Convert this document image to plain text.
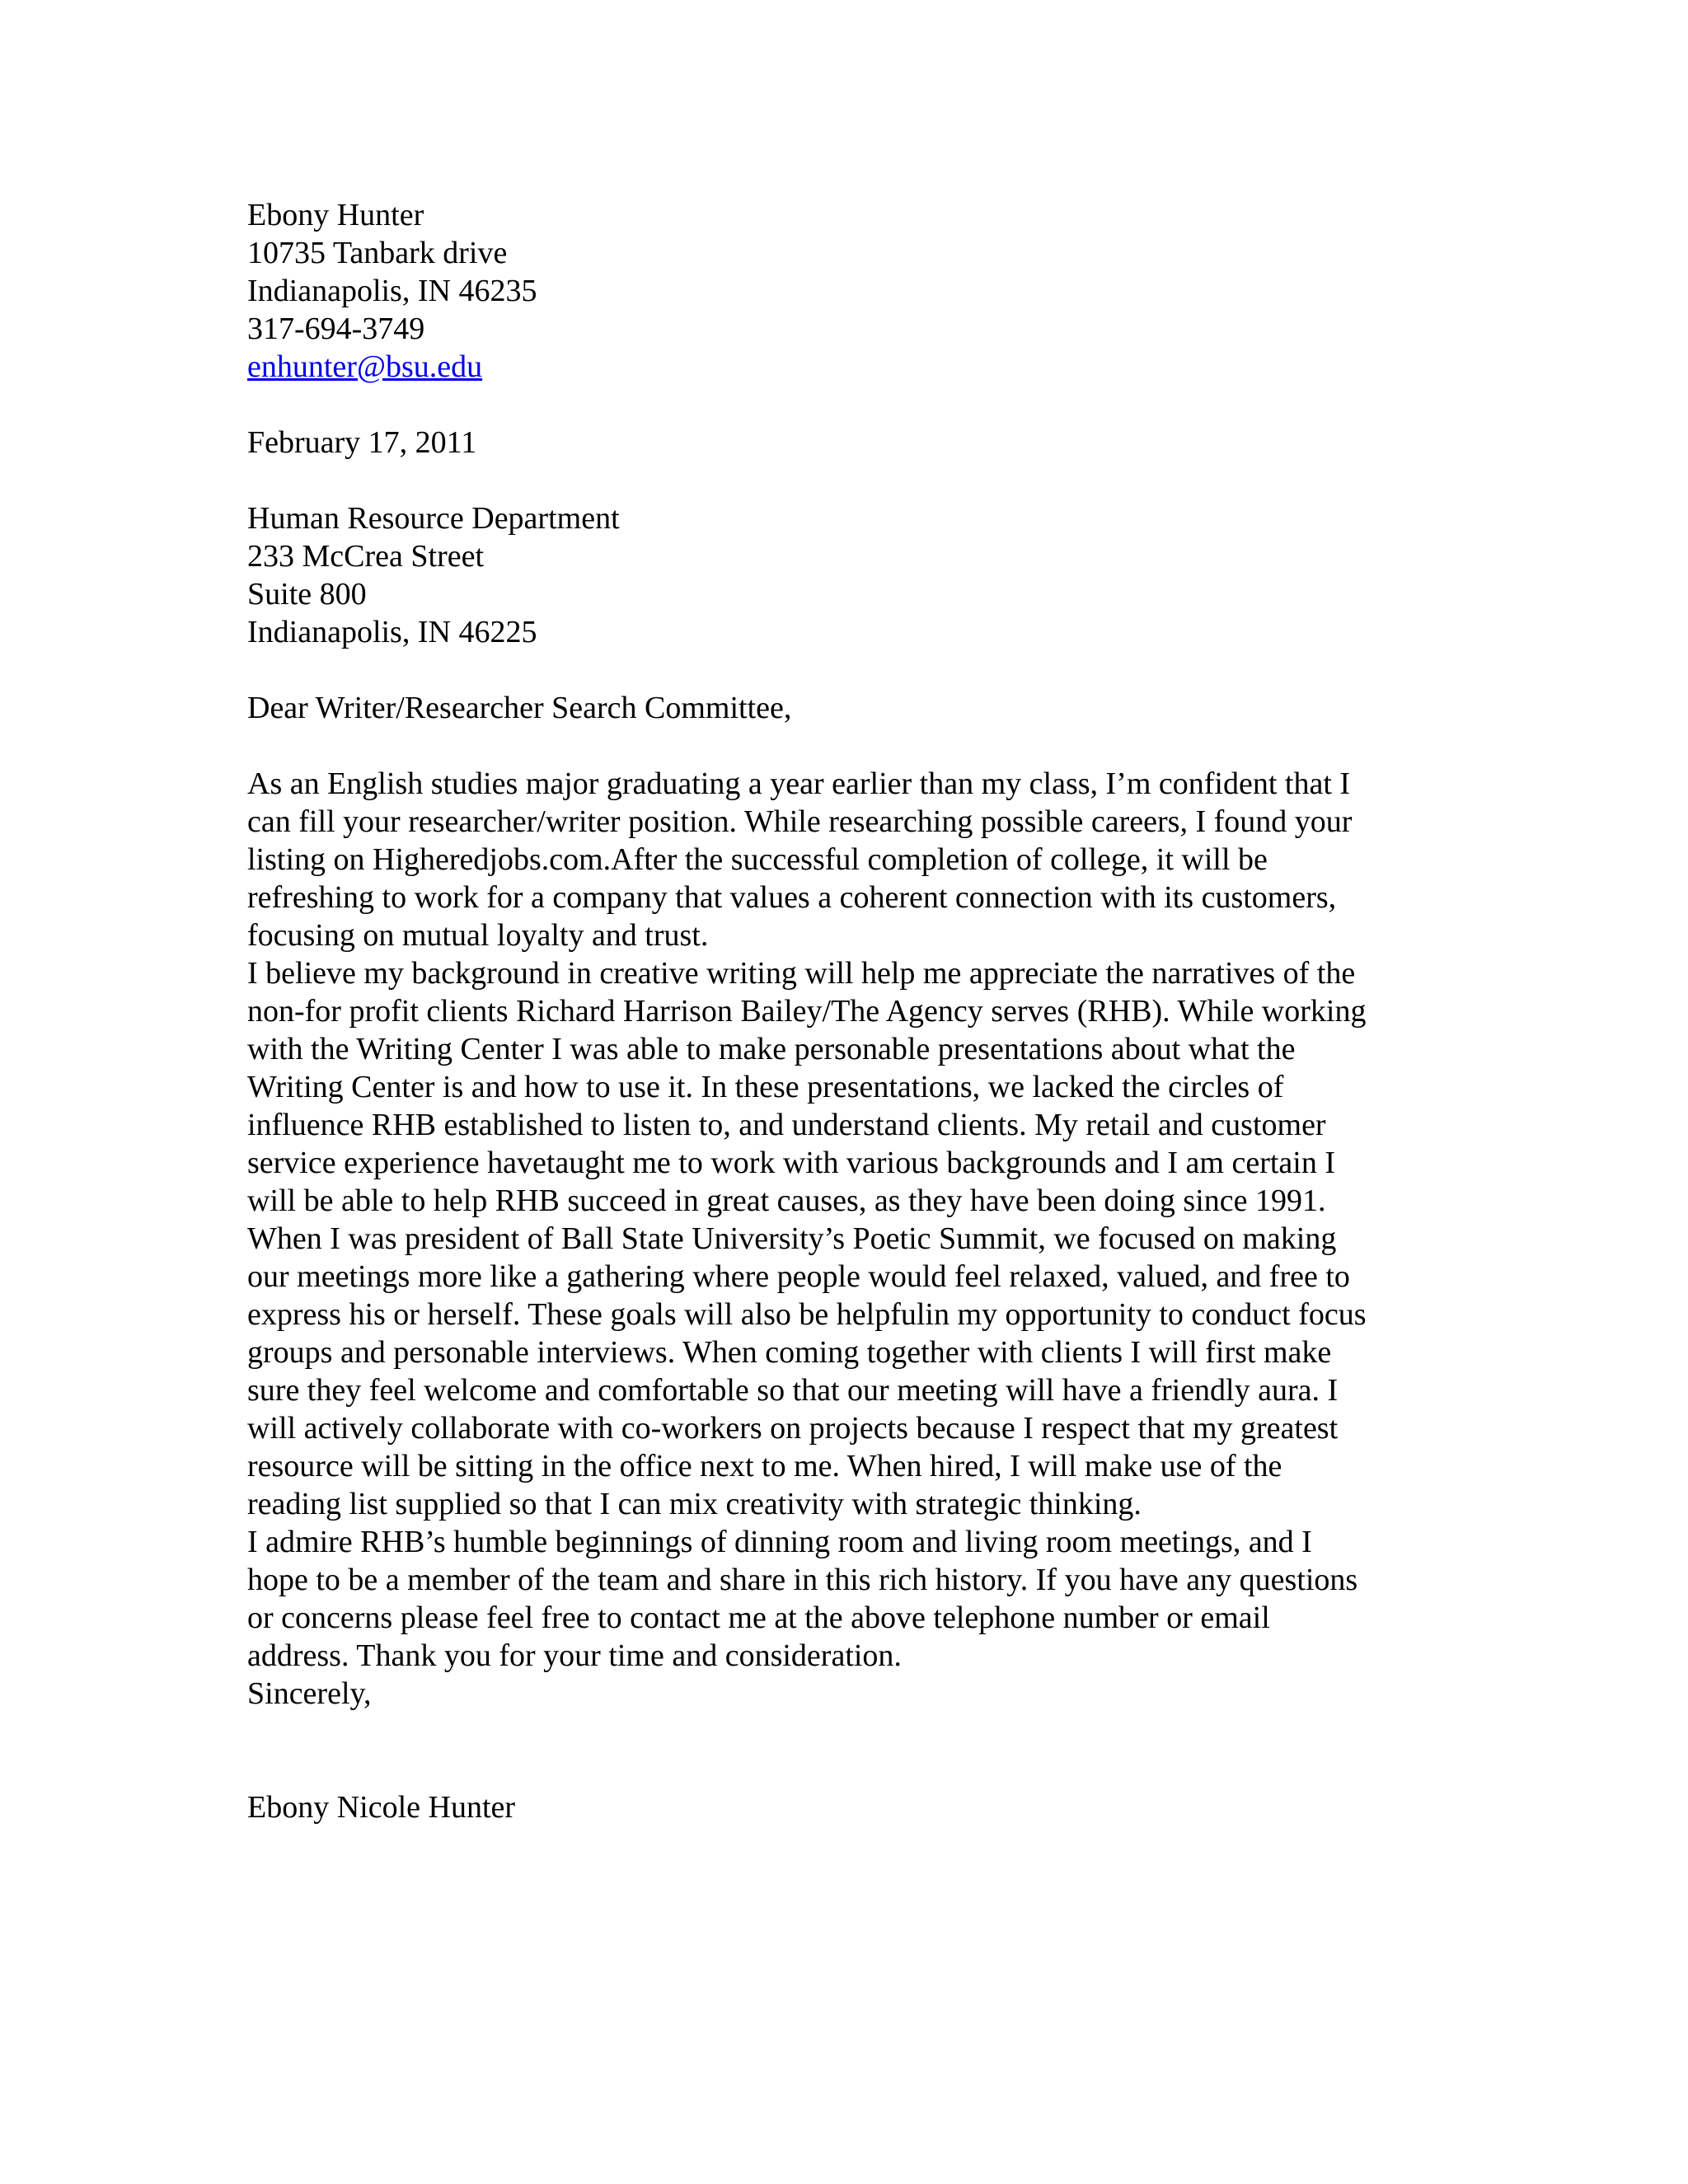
Ebony Hunter
10735 Tanbark drive
Indianapolis, IN 46235
317-694-3749
enhunter@bsu.edu
February 17, 2011
Human Resource Department
233 McCrea Street
Suite 800
Indianapolis, IN 46225
Dear Writer/Researcher Search Committee,

As an English studies major graduating a year earlier than my class, I’m confident that I
can fill your researcher/writer position. While researching possible careers, I found your
listing on Higheredjobs.com.After the successful completion of college, it will be
refreshing to work for a company that values a coherent connection with its customers,
focusing on mutual loyalty and trust.

I believe my background in creative writing will help me appreciate the narratives of the
non-for profit clients Richard Harrison Bailey/The Agency serves (RHB). While working
with the Writing Center I was able to make personable presentations about what the
Writing Center is and how to use it. In these presentations, we lacked the circles of
influence RHB established to listen to, and understand clients. My retail and customer
service experience havetaught me to work with various backgrounds and I am certain I
will be able to help RHB succeed in great causes, as they have been doing since 1991.

When I was president of Ball State University’s Poetic Summit, we focused on making
our meetings more like a gathering where people would feel relaxed, valued, and free to
express his or herself. These goals will also be helpfulin my opportunity to conduct focus
groups and personable interviews. When coming together with clients I will first make
sure they feel welcome and comfortable so that our meeting will have a friendly aura. I
will actively collaborate with co-workers on projects because I respect that my greatest
resource will be sitting in the office next to me. When hired, I will make use of the
reading list supplied so that I can mix creativity with strategic thinking.

I admire RHB’s humble beginnings of dinning room and living room meetings, and I
hope to be a member of the team and share in this rich history. If you have any questions
or concerns please feel free to contact me at the above telephone number or email
address. Thank you for your time and consideration.

Sincerely,
Ebony Nicole Hunter
